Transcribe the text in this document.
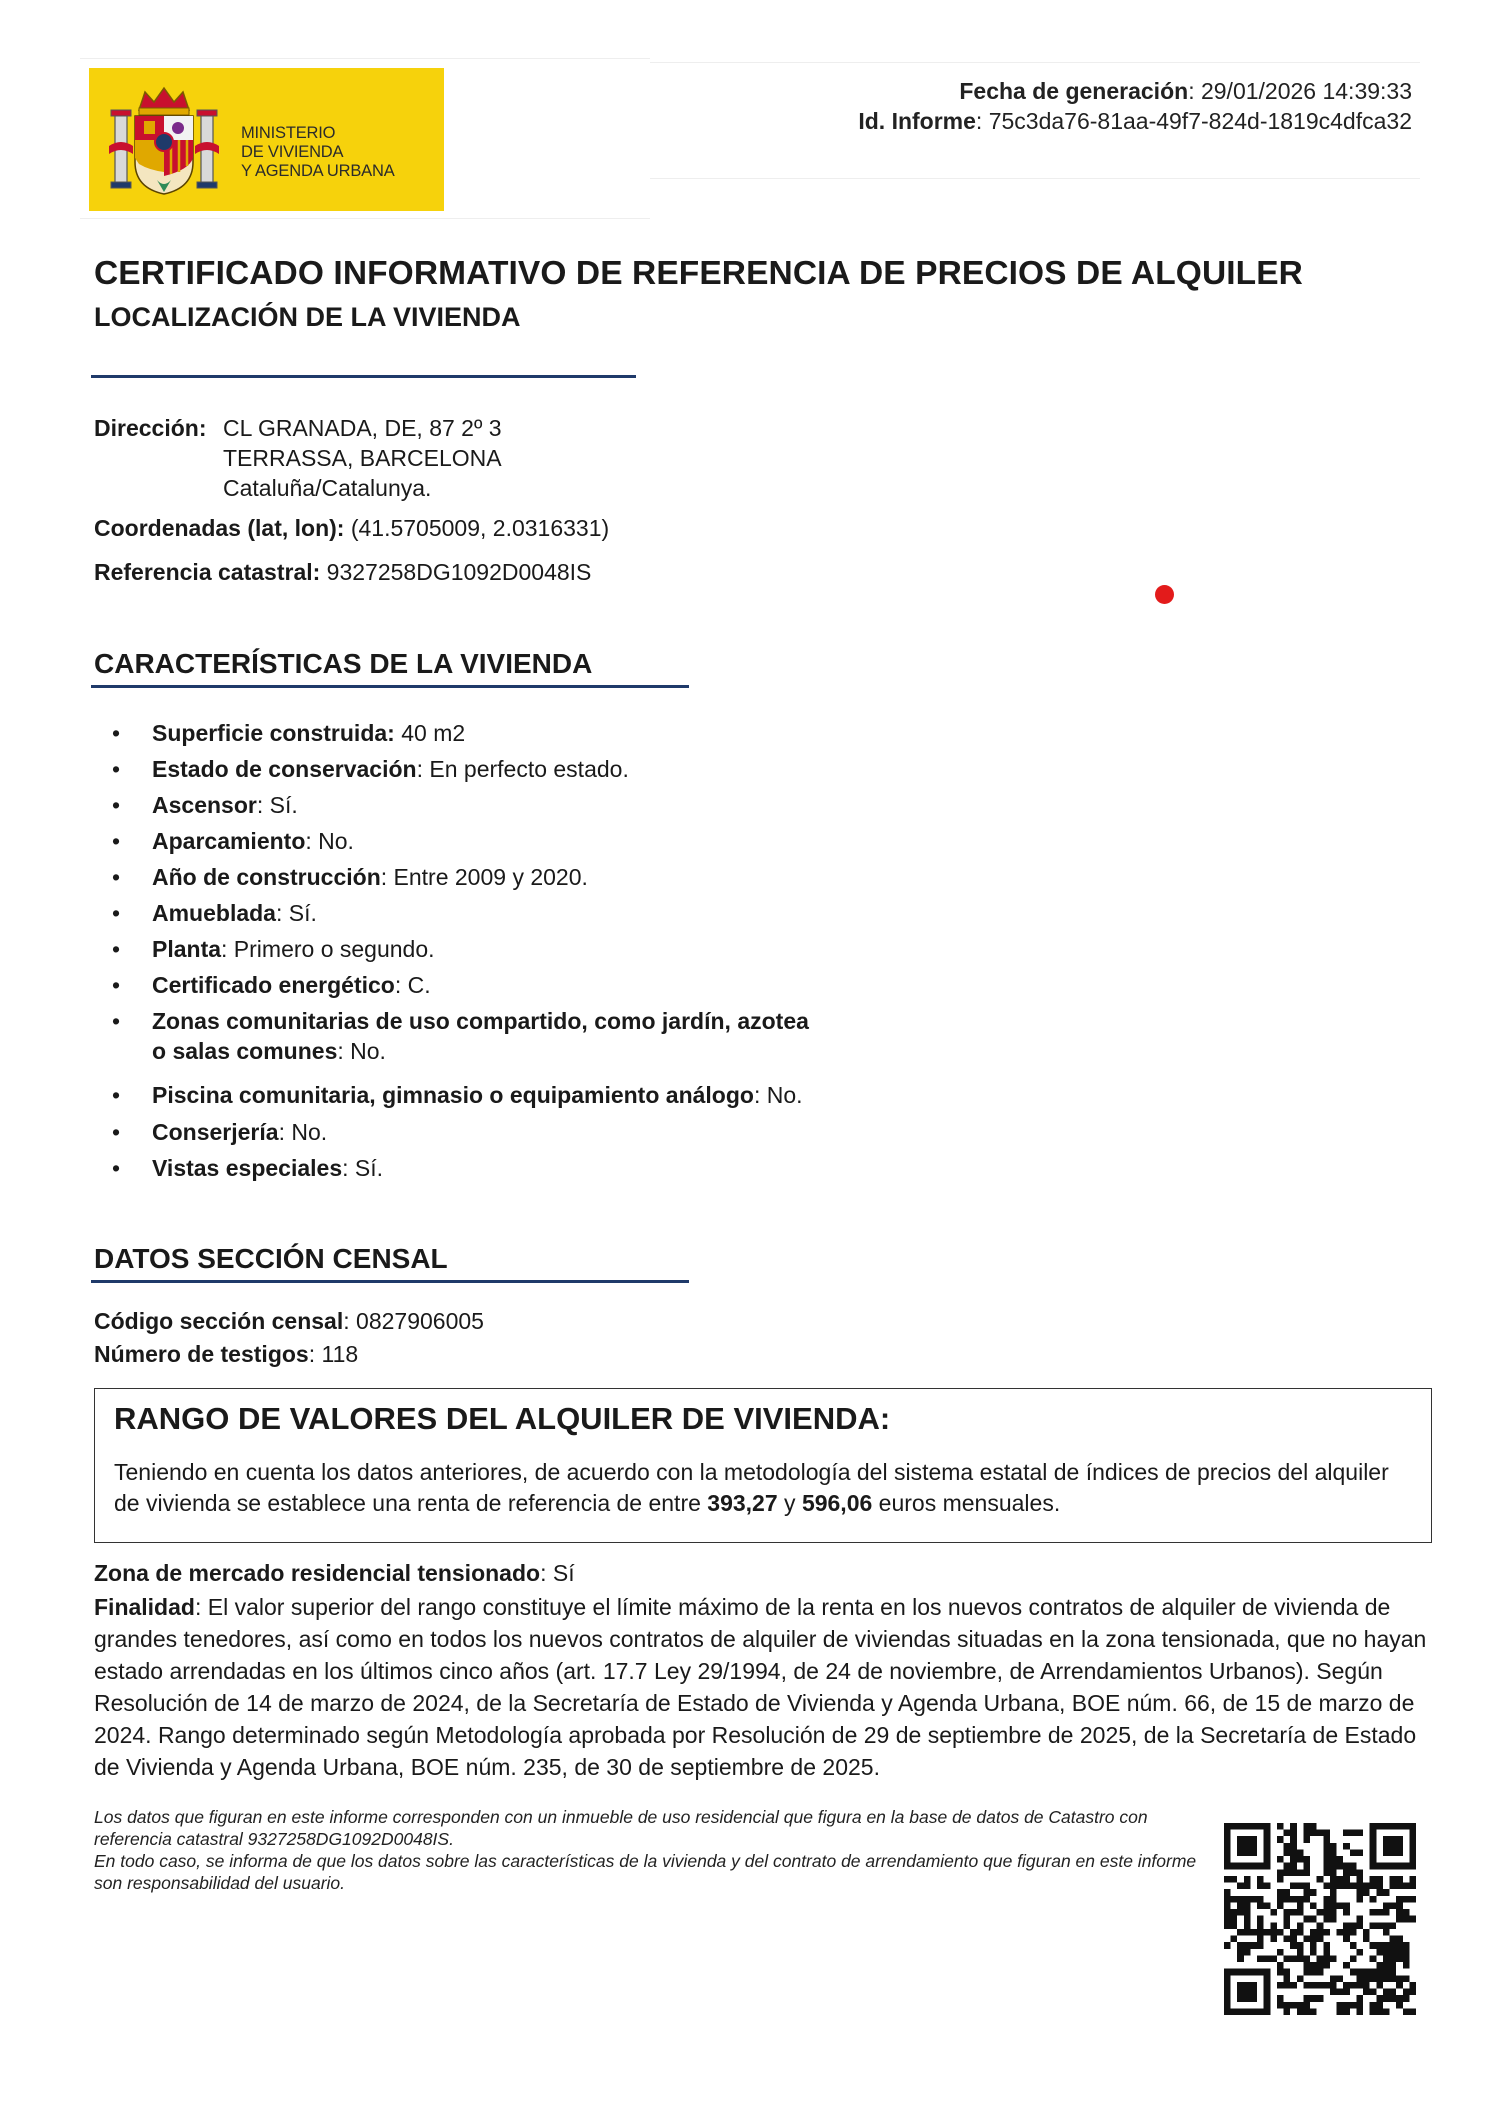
MINISTERIO
DE VIVIENDA
Y AGENDA URBANA
Fecha de generación: 29/01/2026 14:39:33
Id. Informe: 75c3da76-81aa-49f7-824d-1819c4dfca32
CERTIFICADO INFORMATIVO DE REFERENCIA DE PRECIOS DE ALQUILER
LOCALIZACIÓN DE LA VIVIENDA
Dirección: CL GRANADA, DE, 87 2º 3
TERRASSA, BARCELONA
Cataluña/Catalunya.
Coordenadas (lat, lon): (41.5705009, 2.0316331)
Referencia catastral: 9327258DG1092D0048IS
CARACTERÍSTICAS DE LA VIVIENDA
•	Superficie construida: 40 m2
•	Estado de conservación: En perfecto estado.
•	Ascensor: Sí.
•	Aparcamiento: No.
•	Año de construcción: Entre 2009 y 2020.
•	Amueblada: Sí.
•	Planta: Primero o segundo.
•	Certificado energético: C.
•	Zonas comunitarias de uso compartido, como jardín, azotea
o salas comunes: No.
•	Piscina comunitaria, gimnasio o equipamiento análogo: No.
•	Conserjería: No.
•	Vistas especiales: Sí.
DATOS SECCIÓN CENSAL
Código sección censal: 0827906005
Número de testigos: 118
RANGO DE VALORES DEL ALQUILER DE VIVIENDA:
Teniendo en cuenta los datos anteriores, de acuerdo con la metodología del sistema estatal de índices de precios del alquiler de vivienda se establece una renta de referencia de entre 393,27 y 596,06 euros mensuales.
Zona de mercado residencial tensionado: Sí
Finalidad: El valor superior del rango constituye el límite máximo de la renta en los nuevos contratos de alquiler de vivienda de grandes tenedores, así como en todos los nuevos contratos de alquiler de viviendas situadas en la zona tensionada, que no hayan estado arrendadas en los últimos cinco años (art. 17.7 Ley 29/1994, de 24 de noviembre, de Arrendamientos Urbanos). Según Resolución de 14 de marzo de 2024, de la Secretaría de Estado de Vivienda y Agenda Urbana, BOE núm. 66, de 15 de marzo de 2024. Rango determinado según Metodología aprobada por Resolución de 29 de septiembre de 2025, de la Secretaría de Estado de Vivienda y Agenda Urbana, BOE núm. 235, de 30 de septiembre de 2025.
Los datos que figuran en este informe corresponden con un inmueble de uso residencial que figura en la base de datos de Catastro con referencia catastral 9327258DG1092D0048IS.
En todo caso, se informa de que los datos sobre las características de la vivienda y del contrato de arrendamiento que figuran en este informe son responsabilidad del usuario.
